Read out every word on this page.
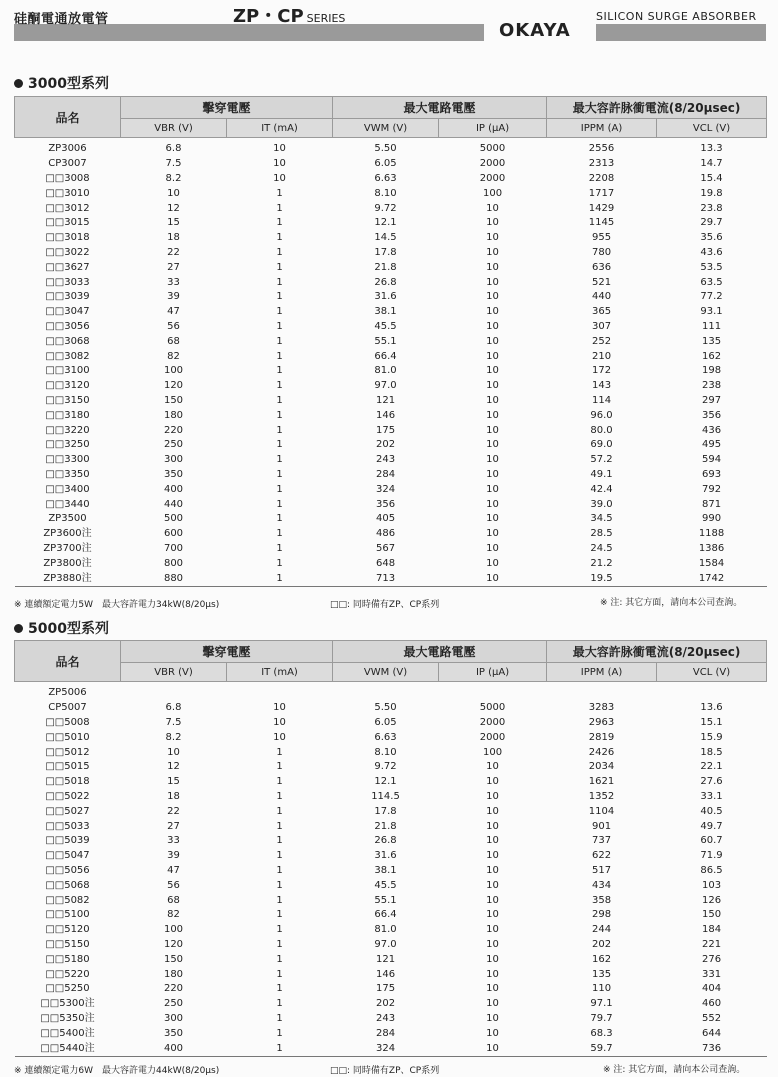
硅酮電通放電管	ZP・CP SERIES	SILICON SURGE ABSORBER
OKAYA
3000型系列
品名	擊穿電壓		最大電路電壓		最大容許脉衝電流(8/20μsec)	
	VBR (V)	IT (mA)	VWM (V)	IP (μA)	IPPM (A)	VCL (V)
ZP3006	6.8	10	5.50	5000	2556	13.3
CP3007	7.5	10	6.05	2000	2313	14.7
□□3008	8.2	10	6.63	2000	2208	15.4
□□3010	10	1	8.10	100	1717	19.8
□□3012	12	1	9.72	10	1429	23.8
□□3015	15	1	12.1	10	1145	29.7
□□3018	18	1	14.5	10	955	35.6
□□3022	22	1	17.8	10	780	43.6
□□3627	27	1	21.8	10	636	53.5
□□3033	33	1	26.8	10	521	63.5
□□3039	39	1	31.6	10	440	77.2
□□3047	47	1	38.1	10	365	93.1
□□3056	56	1	45.5	10	307	111
□□3068	68	1	55.1	10	252	135
□□3082	82	1	66.4	10	210	162
□□3100	100	1	81.0	10	172	198
□□3120	120	1	97.0	10	143	238
□□3150	150	1	121	10	114	297
□□3180	180	1	146	10	96.0	356
□□3220	220	1	175	10	80.0	436
□□3250	250	1	202	10	69.0	495
□□3300	300	1	243	10	57.2	594
□□3350	350	1	284	10	49.1	693
□□3400	400	1	324	10	42.4	792
□□3440	440	1	356	10	39.0	871
ZP3500	500	1	405	10	34.5	990
ZP3600注	600	1	486	10	28.5	1188
ZP3700注	700	1	567	10	24.5	1386
ZP3800注	800	1	648	10	21.2	1584
ZP3880注	880	1	713	10	19.5	1742
※ 連續額定電力5W　最大容許電力34kW(8/20μs)	□□: 同時備有ZP、CP系列	※ 注: 其它方面，請向本公司查詢。
5000型系列
品名	擊穿電壓		最大電路電壓		最大容許脉衝電流(8/20μsec)	
	VBR (V)	IT (mA)	VWM (V)	IP (μA)	IPPM (A)	VCL (V)
ZP5006						
CP5007	6.8	10	5.50	5000	3283	13.6
□□5008	7.5	10	6.05	2000	2963	15.1
□□5010	8.2	10	6.63	2000	2819	15.9
□□5012	10	1	8.10	100	2426	18.5
□□5015	12	1	9.72	10	2034	22.1
□□5018	15	1	12.1	10	1621	27.6
□□5022	18	1	114.5	10	1352	33.1
□□5027	22	1	17.8	10	1104	40.5
□□5033	27	1	21.8	10	901	49.7
□□5039	33	1	26.8	10	737	60.7
□□5047	39	1	31.6	10	622	71.9
□□5056	47	1	38.1	10	517	86.5
□□5068	56	1	45.5	10	434	103
□□5082	68	1	55.1	10	358	126
□□5100	82	1	66.4	10	298	150
□□5120	100	1	81.0	10	244	184
□□5150	120	1	97.0	10	202	221
□□5180	150	1	121	10	162	276
□□5220	180	1	146	10	135	331
□□5250	220	1	175	10	110	404
□□5300注	250	1	202	10	97.1	460
□□5350注	300	1	243	10	79.7	552
□□5400注	350	1	284	10	68.3	644
□□5440注	400	1	324	10	59.7	736
※ 連續額定電力6W　最大容許電力44kW(8/20μs)	□□: 同時備有ZP、CP系列	※ 注: 其它方面，請向本公司查詢。
